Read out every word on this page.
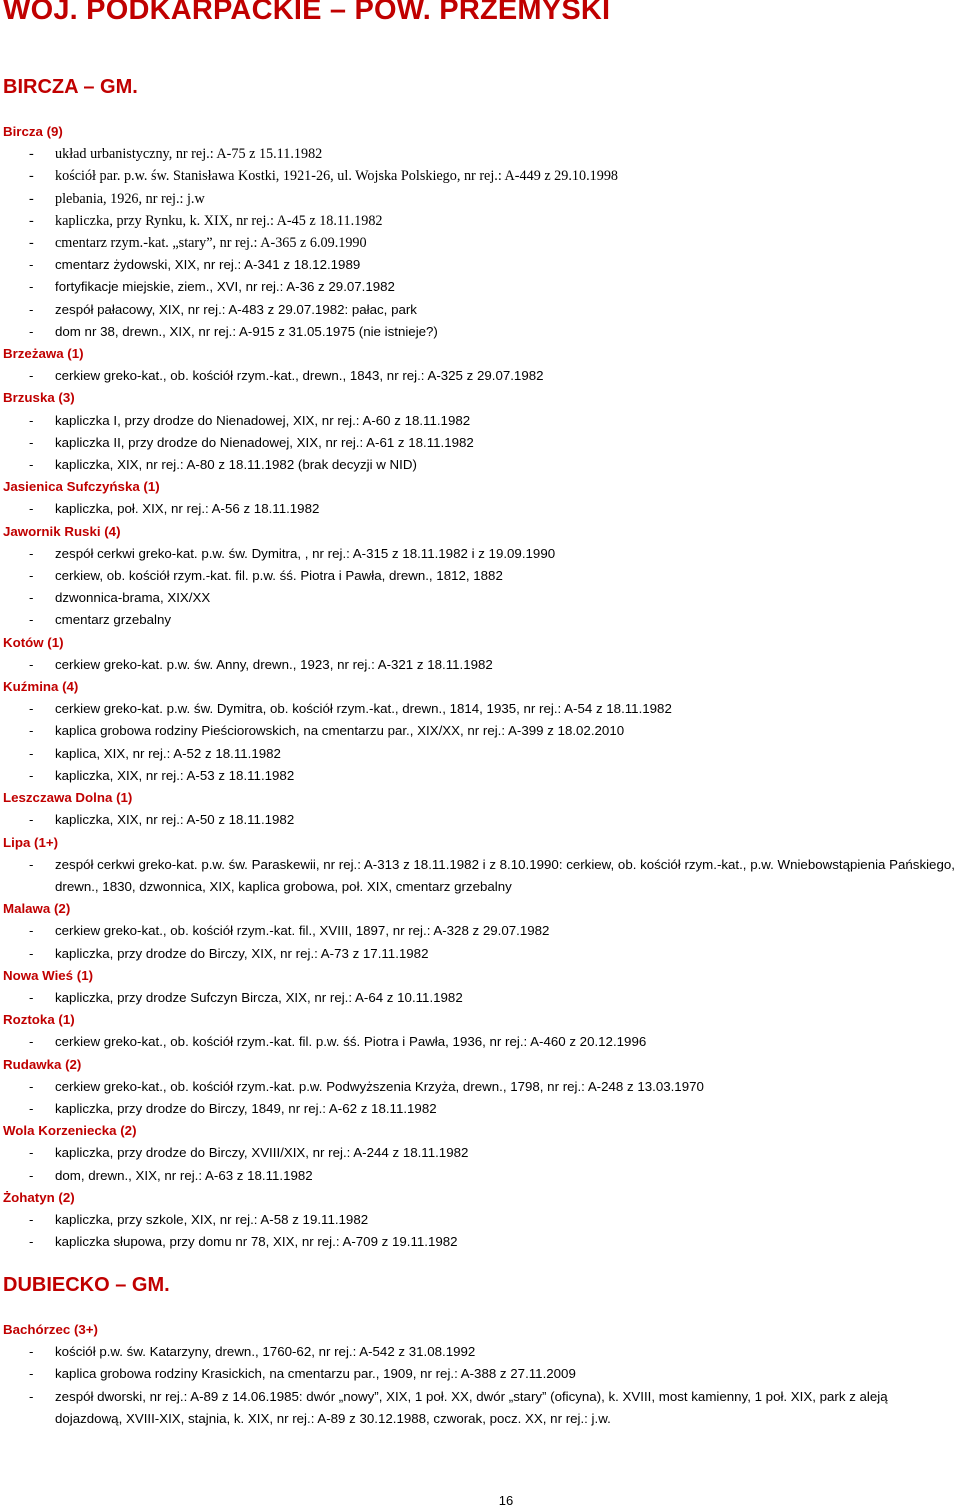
WOJ. PODKARPACKIE – POW. PRZEMYSKI
BIRCZA – GM.
Bircza (9)
- układ urbanistyczny, nr rej.: A-75 z 15.11.1982
- kościół par. p.w. św. Stanisława Kostki, 1921-26, ul. Wojska Polskiego, nr rej.: A-449 z 29.10.1998
- plebania, 1926, nr rej.: j.w
- kapliczka, przy Rynku, k. XIX, nr rej.: A-45 z 18.11.1982
- cmentarz rzym.-kat. „stary”, nr rej.: A-365 z 6.09.1990
- cmentarz żydowski, XIX, nr rej.: A-341 z 18.12.1989
- fortyfikacje miejskie, ziem., XVI, nr rej.: A-36 z 29.07.1982
- zespół pałacowy, XIX, nr rej.: A-483 z 29.07.1982: pałac, park
- dom nr 38, drewn., XIX, nr rej.: A-915 z 31.05.1975 (nie istnieje?)
Brzeżawa (1)
- cerkiew greko-kat., ob. kościół rzym.-kat., drewn., 1843, nr rej.: A-325 z 29.07.1982
Brzuska (3)
- kapliczka I, przy drodze do Nienadowej, XIX, nr rej.: A-60 z 18.11.1982
- kapliczka II, przy drodze do Nienadowej, XIX, nr rej.: A-61 z 18.11.1982
- kapliczka, XIX, nr rej.: A-80 z 18.11.1982 (brak decyzji w NID)
Jasienica Sufczyńska (1)
- kapliczka, poł. XIX, nr rej.: A-56 z 18.11.1982
Jawornik Ruski (4)
- zespół cerkwi greko-kat. p.w. św. Dymitra, , nr rej.: A-315 z 18.11.1982 i z 19.09.1990
- cerkiew, ob. kościół rzym.-kat. fil. p.w. śś. Piotra i Pawła, drewn., 1812, 1882
- dzwonnica-brama, XIX/XX
- cmentarz grzebalny
Kotów (1)
- cerkiew greko-kat. p.w. św. Anny, drewn., 1923, nr rej.: A-321 z 18.11.1982
Kuźmina (4)
- cerkiew greko-kat. p.w. św. Dymitra, ob. kościół rzym.-kat., drewn., 1814, 1935, nr rej.: A-54 z 18.11.1982
- kaplica grobowa rodziny Pieściorowskich, na cmentarzu par., XIX/XX, nr rej.: A-399 z 18.02.2010
- kaplica, XIX, nr rej.: A-52 z 18.11.1982
- kapliczka, XIX, nr rej.: A-53 z 18.11.1982
Leszczawa Dolna (1)
- kapliczka, XIX, nr rej.: A-50 z 18.11.1982
Lipa (1+)
- zespół cerkwi greko-kat. p.w. św. Paraskewii, nr rej.: A-313 z 18.11.1982 i z 8.10.1990: cerkiew, ob. kościół rzym.-kat., p.w. Wniebowstąpienia Pańskiego, drewn., 1830, dzwonnica, XIX, kaplica grobowa, poł. XIX, cmentarz grzebalny
Malawa (2)
- cerkiew greko-kat., ob. kościół rzym.-kat. fil., XVIII, 1897, nr rej.: A-328 z 29.07.1982
- kapliczka, przy drodze do Birczy, XIX, nr rej.: A-73 z 17.11.1982
Nowa Wieś (1)
- kapliczka, przy drodze Sufczyn Bircza, XIX, nr rej.: A-64 z 10.11.1982
Roztoka (1)
- cerkiew greko-kat., ob. kościół rzym.-kat. fil. p.w. śś. Piotra i Pawła, 1936, nr rej.: A-460 z 20.12.1996
Rudawka (2)
- cerkiew greko-kat., ob. kościół rzym.-kat. p.w. Podwyższenia Krzyża, drewn., 1798, nr rej.: A-248 z 13.03.1970
- kapliczka, przy drodze do Birczy, 1849, nr rej.: A-62 z 18.11.1982
Wola Korzeniecka (2)
- kapliczka, przy drodze do Birczy, XVIII/XIX, nr rej.: A-244 z 18.11.1982
- dom, drewn., XIX, nr rej.: A-63 z 18.11.1982
Żohatyn (2)
- kapliczka, przy szkole, XIX, nr rej.: A-58 z 19.11.1982
- kapliczka słupowa, przy domu nr 78, XIX, nr rej.: A-709 z 19.11.1982
DUBIECKO – GM.
Bachórzec (3+)
- kościół p.w. św. Katarzyny, drewn., 1760-62, nr rej.: A-542 z 31.08.1992
- kaplica grobowa rodziny Krasickich, na cmentarzu par., 1909, nr rej.: A-388 z 27.11.2009
- zespół dworski, nr rej.: A-89 z 14.06.1985: dwór „nowy”, XIX, 1 poł. XX, dwór „stary” (oficyna), k. XVIII, most kamienny, 1 poł. XIX, park z aleją dojazdową, XVIII-XIX, stajnia, k. XIX, nr rej.: A-89 z 30.12.1988, czworak, pocz. XX, nr rej.: j.w.
16
